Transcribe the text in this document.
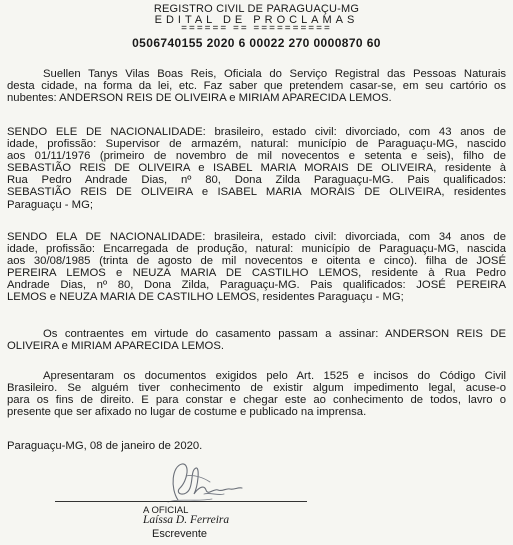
REGISTRO CIVIL DE PARAGUAÇU-MG
EDITAL DE PROCLAMAS
====== == ==========
0506740155 2020 6 00022 270 0000870 60
Suellen Tanys Vilas Boas Reis, Oficiala do Serviço Registral das Pessoas Naturais
desta cidade, na forma da lei, etc. Faz saber que pretendem casar-se, em seu cartório os
nubentes: ANDERSON REIS DE OLIVEIRA e MIRIAM APARECIDA LEMOS.
SENDO ELE DE NACIONALIDADE: brasileiro, estado civil: divorciado, com 43 anos de
idade, profissão: Supervisor de armazém, natural: município de Paraguaçu-MG, nascido
aos 01/11/1976 (primeiro de novembro de mil novecentos e setenta e seis), filho de
SEBASTIÃO REIS DE OLIVEIRA e ISABEL MARIA MORAIS DE OLIVEIRA, residente à
Rua Pedro Andrade Dias, nº 80, Dona Zilda Paraguaçu-MG. Pais qualificados:
SEBASTIÃO REIS DE OLIVEIRA e ISABEL MARIA MORAIS DE OLIVEIRA, residentes
Paraguaçu - MG;
SENDO ELA DE NACIONALIDADE: brasileira, estado civil: divorciada, com 34 anos de
idade, profissão: Encarregada de produção, natural: município de Paraguaçu-MG, nascida
aos 30/08/1985 (trinta de agosto de mil novecentos e oitenta e cinco). filha de JOSÉ
PEREIRA LEMOS e NEUZA MARIA DE CASTILHO LEMOS, residente à Rua Pedro
Andrade Dias, nº 80, Dona Zilda, Paraguaçu-MG. Pais qualificados: JOSÉ PEREIRA
LEMOS e NEUZA MARIA DE CASTILHO LEMOS, residentes Paraguaçu - MG;
Os contraentes em virtude do casamento passam a assinar: ANDERSON REIS DE
OLIVEIRA e MIRIAM APARECIDA LEMOS.
Apresentaram os documentos exigidos pelo Art. 1525 e incisos do Código Civil
Brasileiro. Se alguém tiver conhecimento de existir algum impedimento legal, acuse-o
para os fins de direito. E para constar e chegar este ao conhecimento de todos, lavro o
presente que ser afixado no lugar de costume e publicado na imprensa.
Paraguaçu-MG, 08 de janeiro de 2020.
A OFICIAL
Laíssa D. Ferreira
Escrevente
